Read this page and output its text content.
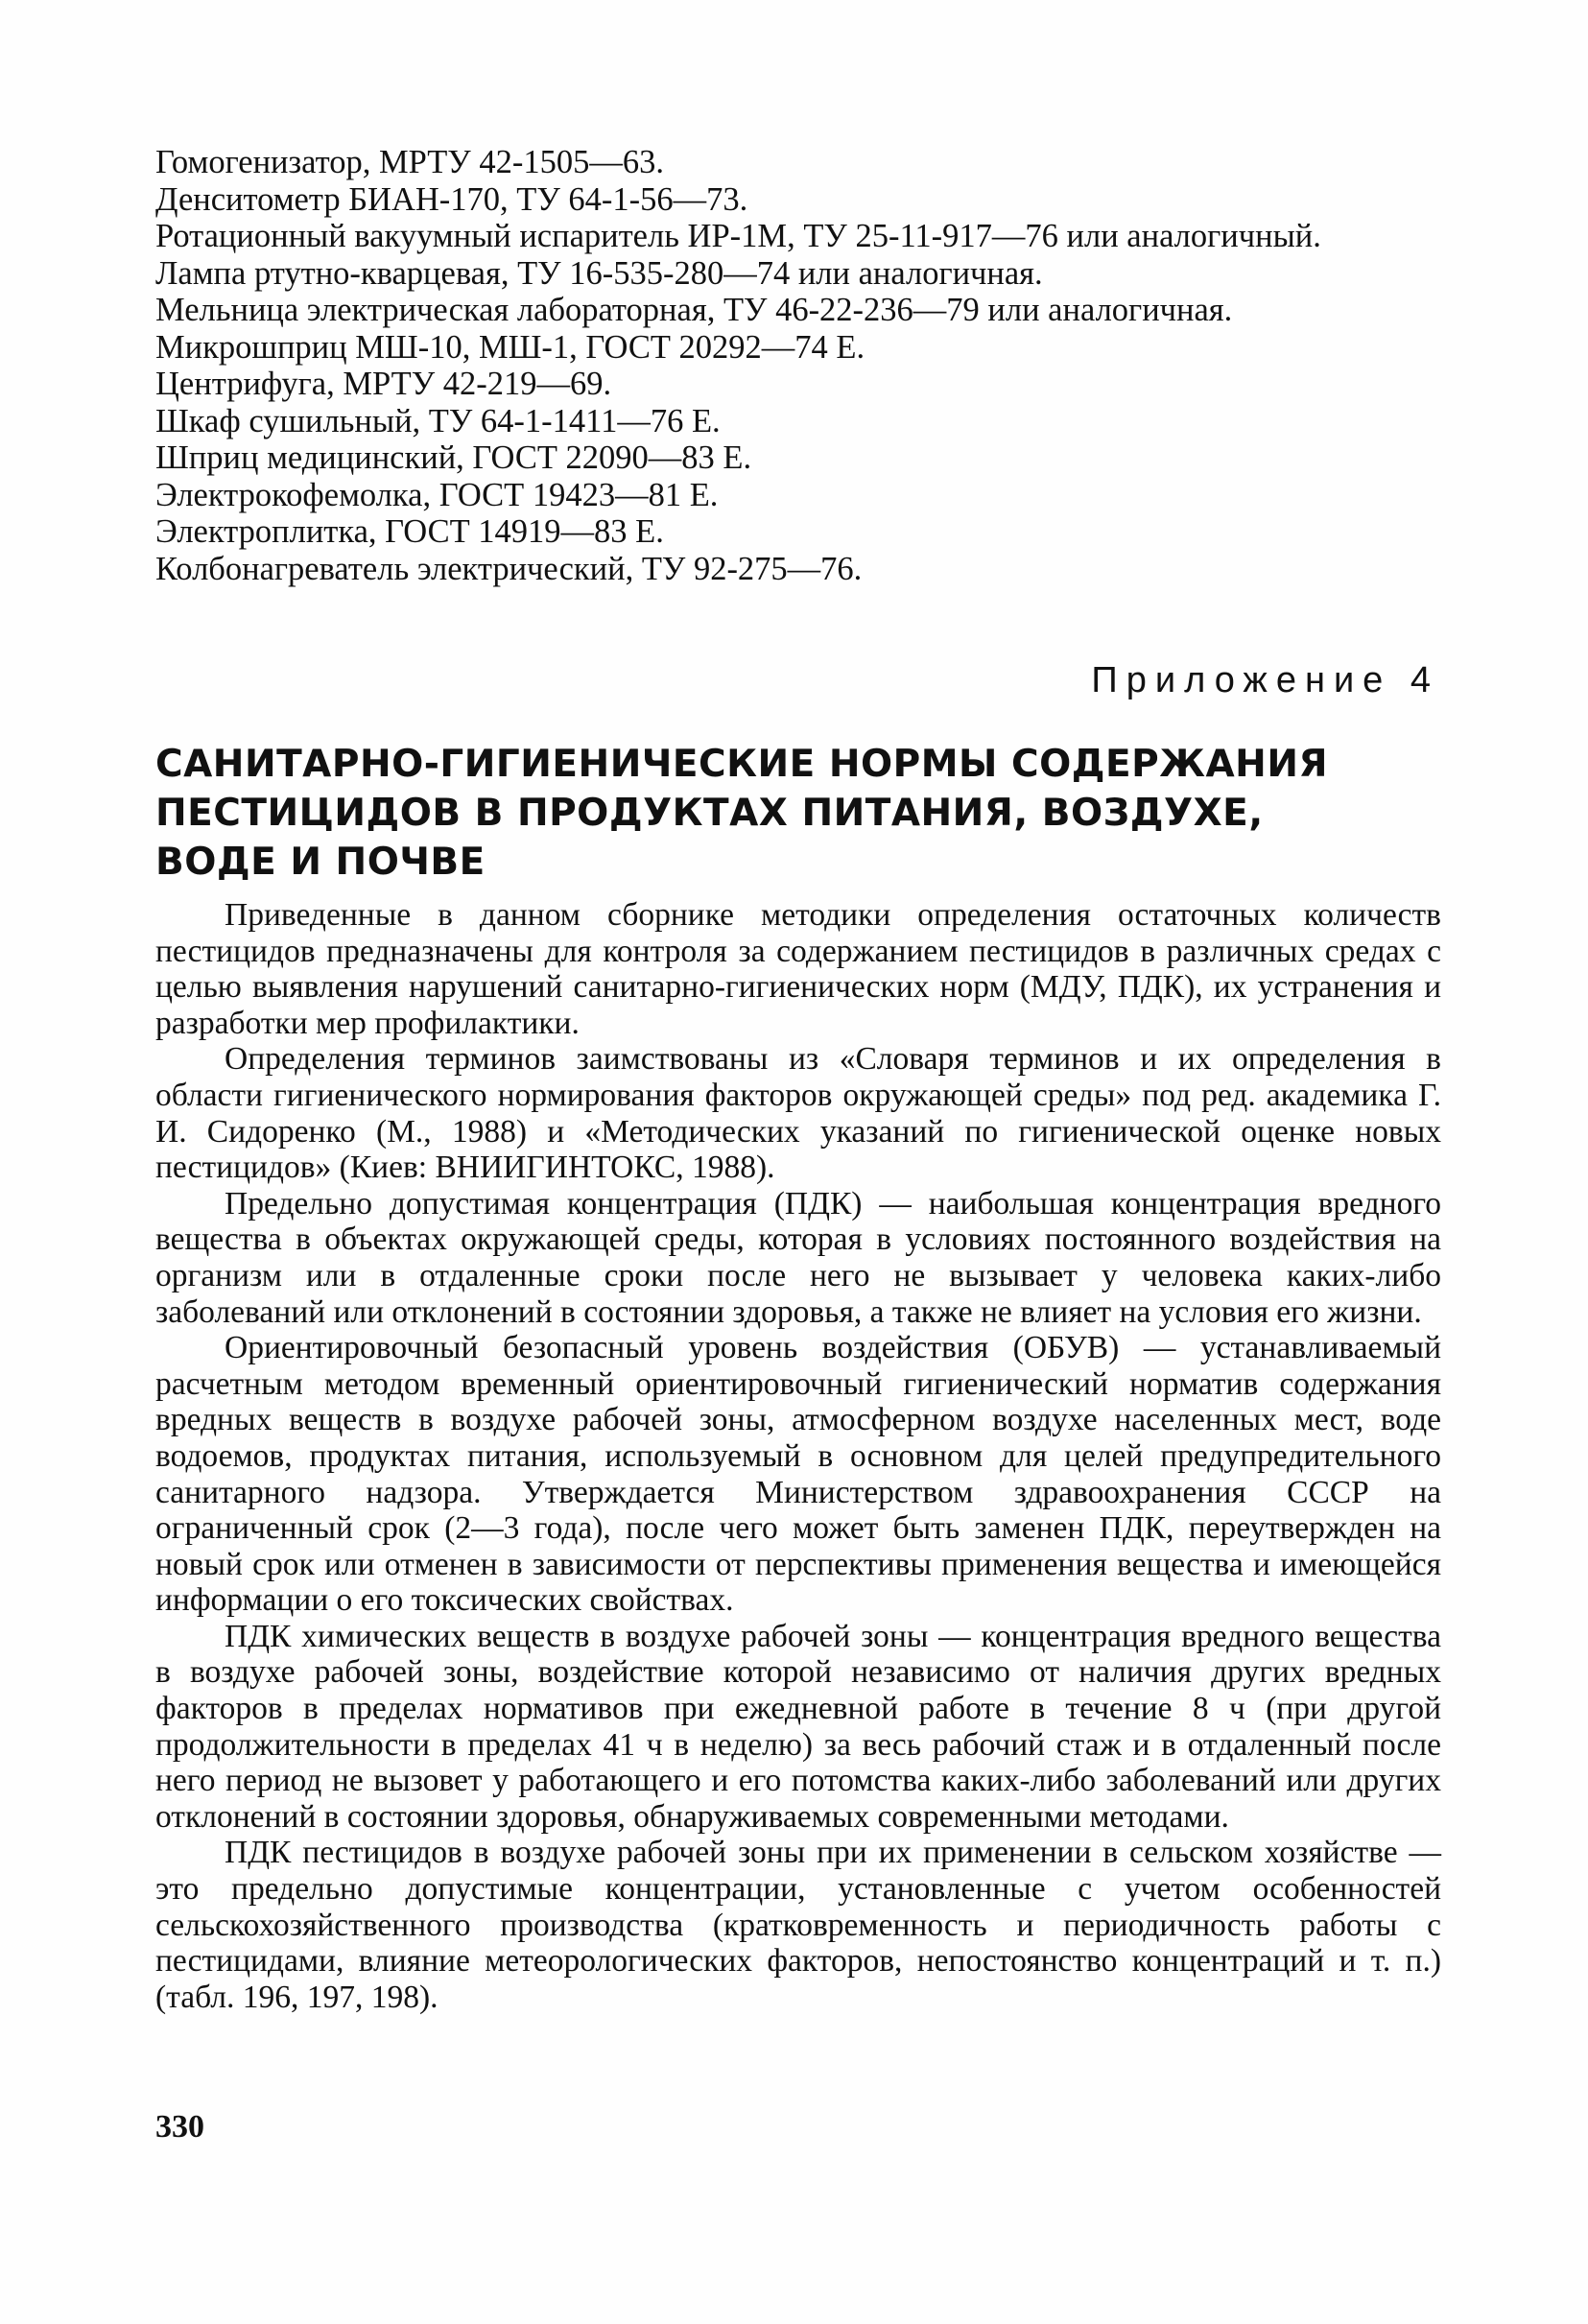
Гомогенизатор, МРТУ 42-1505—63.

Денситометр БИАН-170, ТУ 64-1-56—73.

Ротационный вакуумный испаритель ИР-1М, ТУ 25-11-917—76 или аналогичный.

Лампа ртутно-кварцевая, ТУ 16-535-280—74 или аналогичная.

Мельница электрическая лабораторная, ТУ 46-22-236—79 или аналогичная.

Микрошприц МШ-10, МШ-1, ГОСТ 20292—74 Е.

Центрифуга, МРТУ 42-219—69.

Шкаф сушильный, ТУ 64-1-1411—76 Е.

Шприц медицинский, ГОСТ 22090—83 Е.

Электрокофемолка, ГОСТ 19423—81 Е.

Электроплитка, ГОСТ 14919—83 Е.

Колбонагреватель электрический, ТУ 92-275—76.

Приложение 4
САНИТАРНО-ГИГИЕНИЧЕСКИЕ НОРМЫ СОДЕРЖАНИЯ
ПЕСТИЦИДОВ В ПРОДУКТАХ ПИТАНИЯ, ВОЗДУХЕ,
ВОДЕ И ПОЧВЕ

Приведенные в данном сборнике методики определения остаточных количеств пестицидов предназначены для контроля за содержанием пестицидов в различных средах с целью выявления нарушений санитарно-гигиенических норм (МДУ, ПДК), их устранения и разработки мер профилактики.

Определения терминов заимствованы из «Словаря терминов и их определения в области гигиенического нормирования факторов окружающей среды» под ред. академика Г. И. Сидоренко (М., 1988) и «Методических указаний по гигиенической оценке новых пестицидов» (Киев: ВНИИГИНТОКС, 1988).

Предельно допустимая концентрация (ПДК) — наибольшая концентрация вредного вещества в объектах окружающей среды, которая в условиях постоянного воздействия на организм или в отдаленные сроки после него не вызывает у человека каких-либо заболеваний или отклонений в состоянии здоровья, а также не влияет на условия его жизни.

Ориентировочный безопасный уровень воздействия (ОБУВ) — устанавливаемый расчетным методом временный ориентировочный гигиенический норматив содержания вредных веществ в воздухе рабочей зоны, атмосферном воздухе населенных мест, воде водоемов, продуктах питания, используемый в основном для целей предупредительного санитарного надзора. Утверждается Министерством здравоохранения СССР на ограниченный срок (2—3 года), после чего может быть заменен ПДК, переутвержден на новый срок или отменен в зависимости от перспективы применения вещества и имеющейся информации о его токсических свойствах.

ПДК химических веществ в воздухе рабочей зоны — концентрация вредного вещества в воздухе рабочей зоны, воздействие которой независимо от наличия других вредных факторов в пределах нормативов при ежедневной работе в течение 8 ч (при другой продолжительности в пределах 41 ч в неделю) за весь рабочий стаж и в отдаленный после него период не вызовет у работающего и его потомства каких-либо заболеваний или других отклонений в состоянии здоровья, обнаруживаемых современными методами.

ПДК пестицидов в воздухе рабочей зоны при их применении в сельском хозяйстве — это предельно допустимые концентрации, установленные с учетом особенностей сельскохозяйственного производства (кратковременность и периодичность работы с пестицидами, влияние метеорологических факторов, непостоянство концентраций и т. п.) (табл. 196, 197, 198).

330
